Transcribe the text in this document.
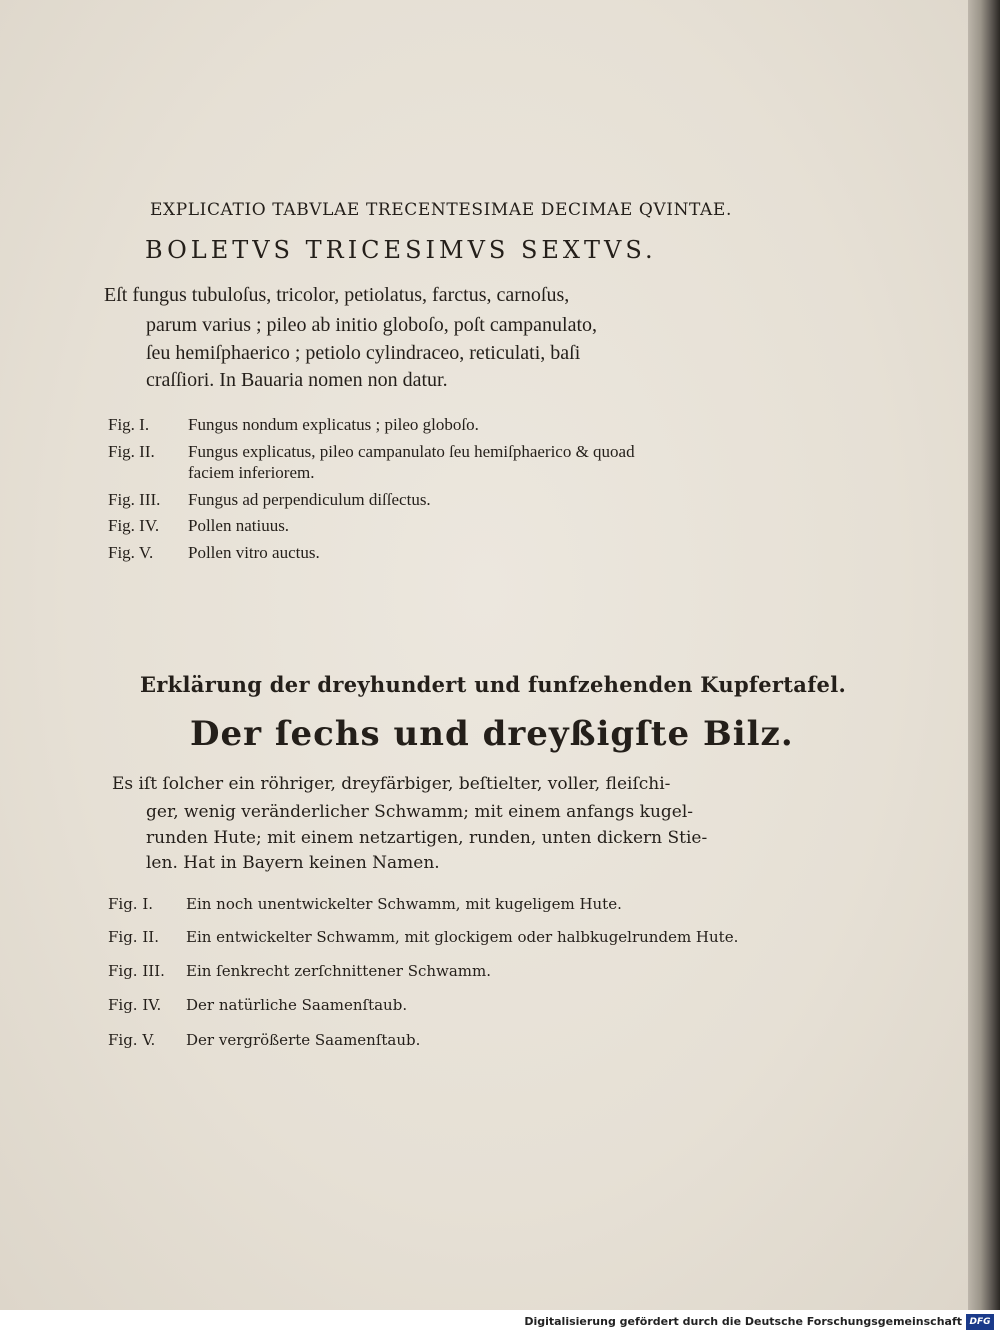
EXPLICATIO TABVLAE TRECENTESIMAE DECIMAE QVINTAE.
BOLETVS TRICESIMVS SEXTVS.
Eſt fungus tubuloſus, tricolor, petiolatus, farctus, carnoſus,
parum varius ; pileo ab initio globoſo, poſt campanulato,
ſeu hemiſphaerico ; petiolo cylindraceo, reticulati, baſi
craſſiori. In Bauaria nomen non datur.
Fig. I. Fungus nondum explicatus ; pileo globoſo.
Fig. II. Fungus explicatus, pileo campanulato ſeu hemiſphaerico & quoad
faciem inferiorem.
Fig. III. Fungus ad perpendiculum diſſectus.
Fig. IV. Pollen natiuus.
Fig. V. Pollen vitro auctus.
Erklärung der dreyhundert und funfzehenden Kupfertafel.
Der ſechs und dreyßigſte Bilz.
Es iſt ſolcher ein röhriger, dreyfärbiger, beſtielter, voller, fleiſchi-
ger, wenig veränderlicher Schwamm; mit einem anfangs kugel-
runden Hute; mit einem netzartigen, runden, unten dickern Stie-
len. Hat in Bayern keinen Namen.
Fig. I. Ein noch unentwickelter Schwamm, mit kugeligem Hute.
Fig. II. Ein entwickelter Schwamm, mit glockigem oder halbkugelrundem Hute.
Fig. III. Ein ſenkrecht zerſchnittener Schwamm.
Fig. IV. Der natürliche Saamenſtaub.
Fig. V. Der vergrößerte Saamenſtaub.
Digitalisierung gefördert durch die Deutsche Forschungsgemeinschaft DFG
